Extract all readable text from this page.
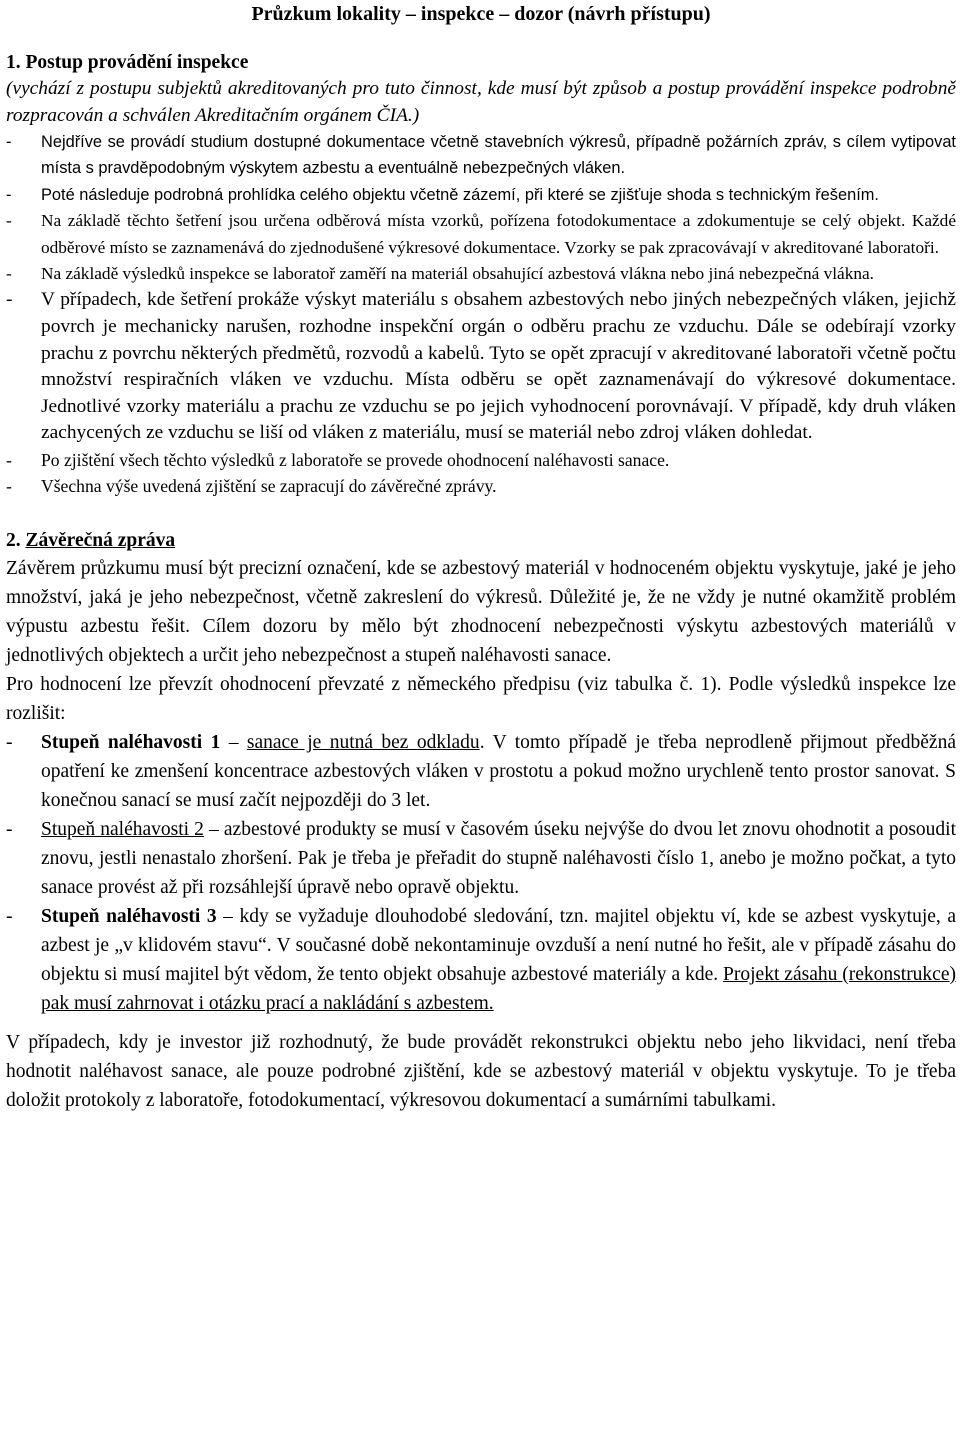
Průzkum lokality – inspekce – dozor (návrh přístupu)
1. Postup provádění inspekce

(vychází z postupu subjektů akreditovaných pro tuto činnost, kde musí být způsob a postup provádění inspekce podrobně rozpracován a schválen Akreditačním orgánem ČIA.)

- Nejdříve se provádí studium dostupné dokumentace včetně stavebních výkresů, případně požárních zpráv, s cílem vytipovat místa s pravděpodobným výskytem azbestu a eventuálně nebezpečných vláken.

- Poté následuje podrobná prohlídka celého objektu včetně zázemí, při které se zjišťuje shoda s technickým řešením.

- Na základě těchto šetření jsou určena odběrová místa vzorků, pořízena fotodokumentace a zdokumentuje se celý objekt. Každé odběrové místo se zaznamenává do zjednodušené výkresové dokumentace. Vzorky se pak zpracovávají v akreditované laboratoři.

- Na základě výsledků inspekce se laboratoř zaměří na materiál obsahující azbestová vlákna nebo jiná nebezpečná vlákna.

- V případech, kde šetření prokáže výskyt materiálu s obsahem azbestových nebo jiných nebezpečných vláken, jejichž povrch je mechanicky narušen, rozhodne inspekční orgán o odběru prachu ze vzduchu. Dále se odebírají vzorky prachu z povrchu některých předmětů, rozvodů a kabelů. Tyto se opět zpracují v akreditované laboratoři včetně počtu množství respiračních vláken ve vzduchu. Místa odběru se opět zaznamenávají do výkresové dokumentace. Jednotlivé vzorky materiálu a prachu ze vzduchu se po jejich vyhodnocení porovnávají. V případě, kdy druh vláken zachycených ze vzduchu se liší od vláken z materiálu, musí se materiál nebo zdroj vláken dohledat.

- Po zjištění všech těchto výsledků z laboratoře se provede ohodnocení naléhavosti sanace.

- Všechna výše uvedená zjištění se zapracují do závěrečné zprávy.

2. Závěrečná zpráva

Závěrem průzkumu musí být precizní označení, kde se azbestový materiál v hodnoceném objektu vyskytuje, jaké je jeho množství, jaká je jeho nebezpečnost, včetně zakreslení do výkresů. Důležité je, že ne vždy je nutné okamžitě problém výpustu azbestu řešit. Cílem dozoru by mělo být zhodnocení nebezpečnosti výskytu azbestových materiálů v jednotlivých objektech a určit jeho nebezpečnost a stupeň naléhavosti sanace.

Pro hodnocení lze převzít ohodnocení převzaté z německého předpisu (viz tabulka č. 1). Podle výsledků inspekce lze rozlišit:

- Stupeň naléhavosti 1 – sanace je nutná bez odkladu. V tomto případě je třeba neprodleně přijmout předběžná opatření ke zmenšení koncentrace azbestových vláken v prostotu a pokud možno urychleně tento prostor sanovat. S konečnou sanací se musí začít nejpozději do 3 let.

- Stupeň naléhavosti 2 – azbestové produkty se musí v časovém úseku nejvýše do dvou let znovu ohodnotit a posoudit znovu, jestli nenastalo zhoršení. Pak je třeba je přeřadit do stupně naléhavosti číslo 1, anebo je možno počkat, a tyto sanace provést až při rozsáhlejší úpravě nebo opravě objektu.

- Stupeň naléhavosti 3 – kdy se vyžaduje dlouhodobé sledování, tzn. majitel objektu ví, kde se azbest vyskytuje, a azbest je „v klidovém stavu“. V současné době nekontaminuje ovzduší a není nutné ho řešit, ale v případě zásahu do objektu si musí majitel být vědom, že tento objekt obsahuje azbestové materiály a kde. Projekt zásahu (rekonstrukce) pak musí zahrnovat i otázku prací a nakládání s azbestem.

V případech, kdy je investor již rozhodnutý, že bude provádět rekonstrukci objektu nebo jeho likvidaci, není třeba hodnotit naléhavost sanace, ale pouze podrobné zjištění, kde se azbestový materiál v objektu vyskytuje. To je třeba doložit protokoly z laboratoře, fotodokumentací, výkresovou dokumentací a sumárními tabulkami.
